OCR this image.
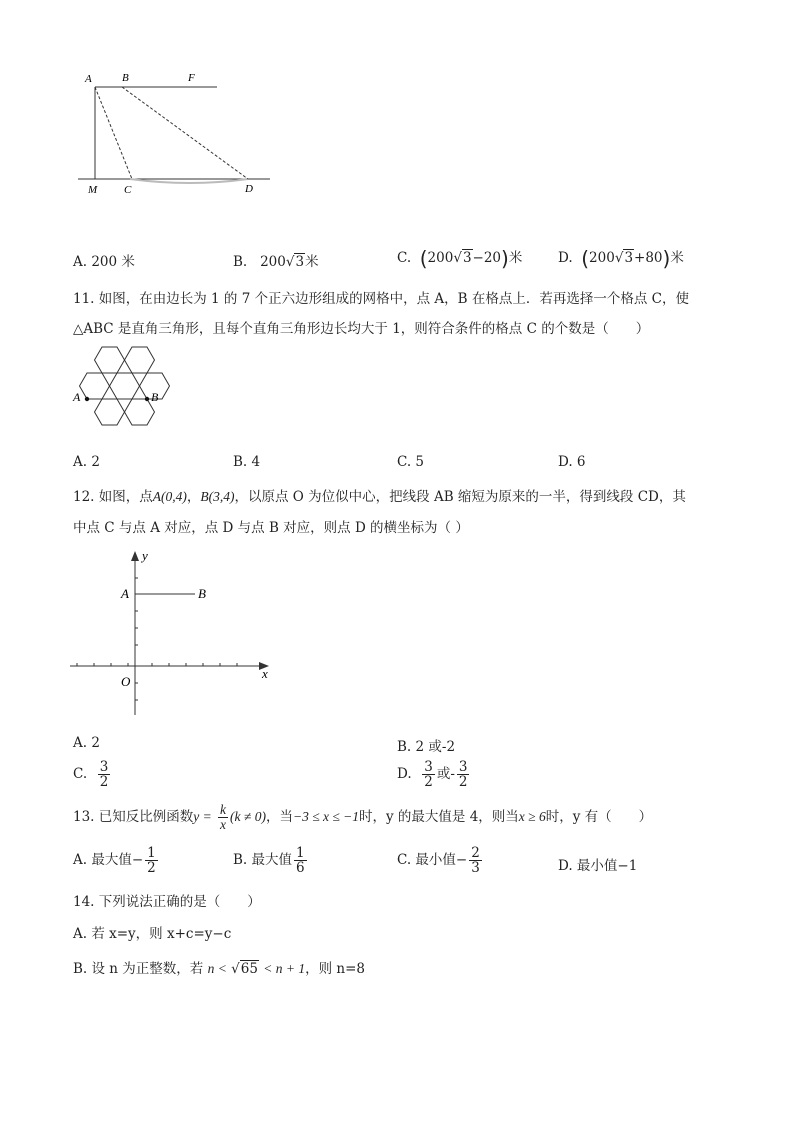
A	B	F
M C	D
A. 200 米	B. 200√3米	C. (200√3−20)米	D. (200√3+80)米
11. 如图，在由边长为 1 的 7 个正六边形组成的网格中，点 A，B 在格点上．若再选择一个格点 C，使
△ABC 是直角三角形，且每个直角三角形边长均大于 1，则符合条件的格点 C 的个数是（　　）
A	B
A. 2	B. 4	C. 5	D. 6
12. 如图，点A(0,4)，B(3,4)，以原点 O 为位似中心，把线段 AB 缩短为原来的一半，得到线段 CD，其
中点 C 与点 A 对应，点 D 与点 B 对应，则点 D 的横坐标为（ ）
y
x
A	B
O
A. 2	B. 2 或-2
C. $\frac{3}{2}$	D. $\frac{3}{2}$ 或- $\frac{3}{2}$
13. 已知反比例函数$y = \frac{k}{x} (k \ne 0)$，当−3 ≤ x ≤ −1时，y 的最大值是 4，则当x ≥ 6时，y 有（　　）
A. 最大值− $\frac{1}{2}$	B. 最大值 $\frac{1}{6}$	C. 最小值− $\frac{2}{3}$	D. 最小值−1
14. 下列说法正确的是（　　）
A. 若 x=y，则 x+c=y−c
B. 设 n 为正整数，若 n < √65 < n + 1，则 n=8
